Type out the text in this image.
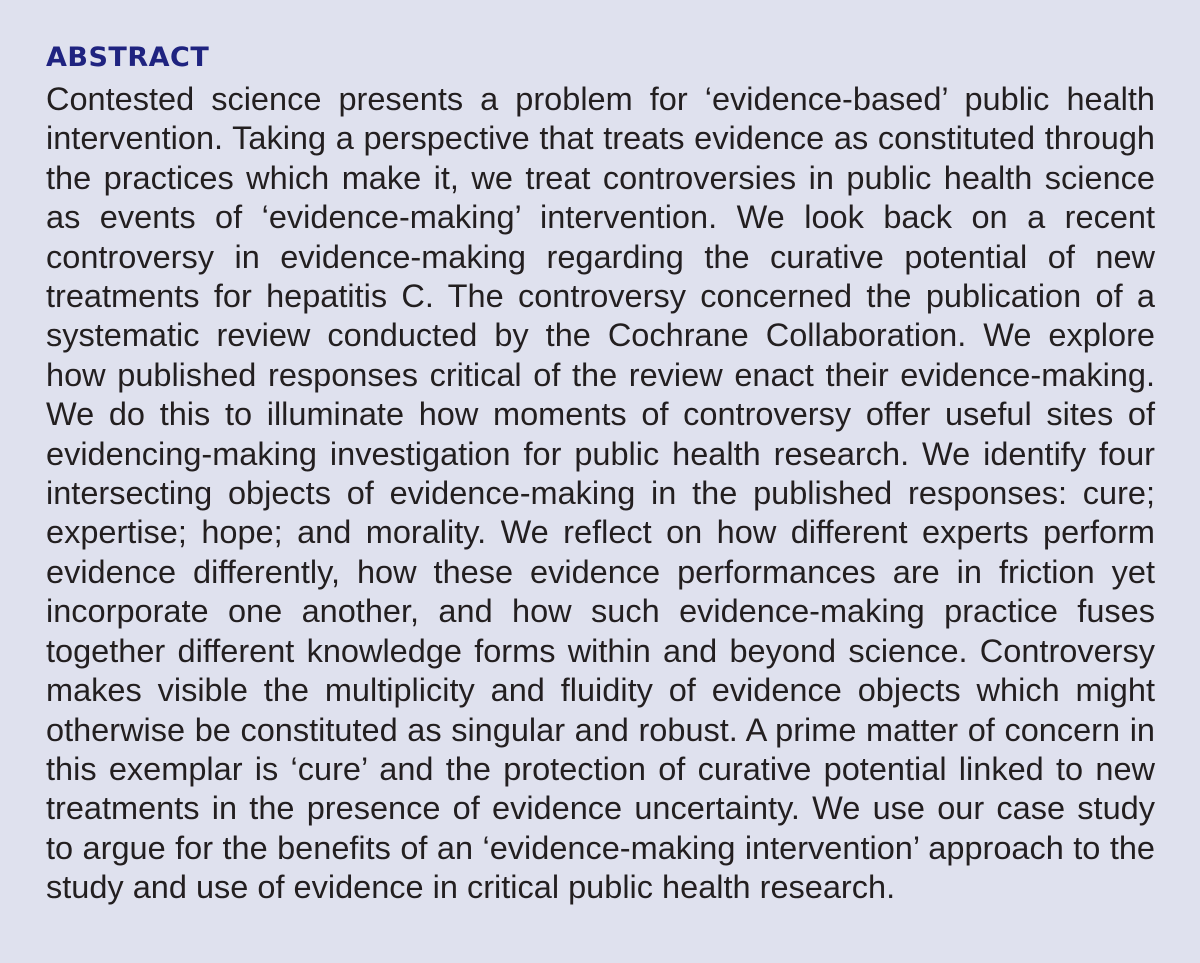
ABSTRACT

Contested science presents a problem for ‘evidence-based’ public health intervention. Taking a perspective that treats evidence as constituted through the practices which make it, we treat controversies in public health science as events of ‘evidence-making’ intervention. We look back on a recent controversy in evidence-making regarding the curative potential of new treatments for hepatitis C. The controversy concerned the publication of a systematic review conducted by the Cochrane Collaboration. We explore how published responses critical of the review enact their evidence-making. We do this to illuminate how moments of controversy offer useful sites of evidencing-making investigation for public health research. We identify four intersecting objects of evidence-making in the published responses: cure; expertise; hope; and morality. We reflect on how different experts perform evidence differently, how these evidence performances are in friction yet incorporate one another, and how such evidence-making practice fuses together different knowledge forms within and beyond science. Controversy makes visible the multiplicity and fluidity of evidence objects which might otherwise be constituted as singular and robust. A prime matter of concern in this exemplar is ‘cure’ and the protection of curative potential linked to new treatments in the presence of evidence uncertainty. We use our case study to argue for the benefits of an ‘evidence-making intervention’ approach to the study and use of evidence in critical public health research.
